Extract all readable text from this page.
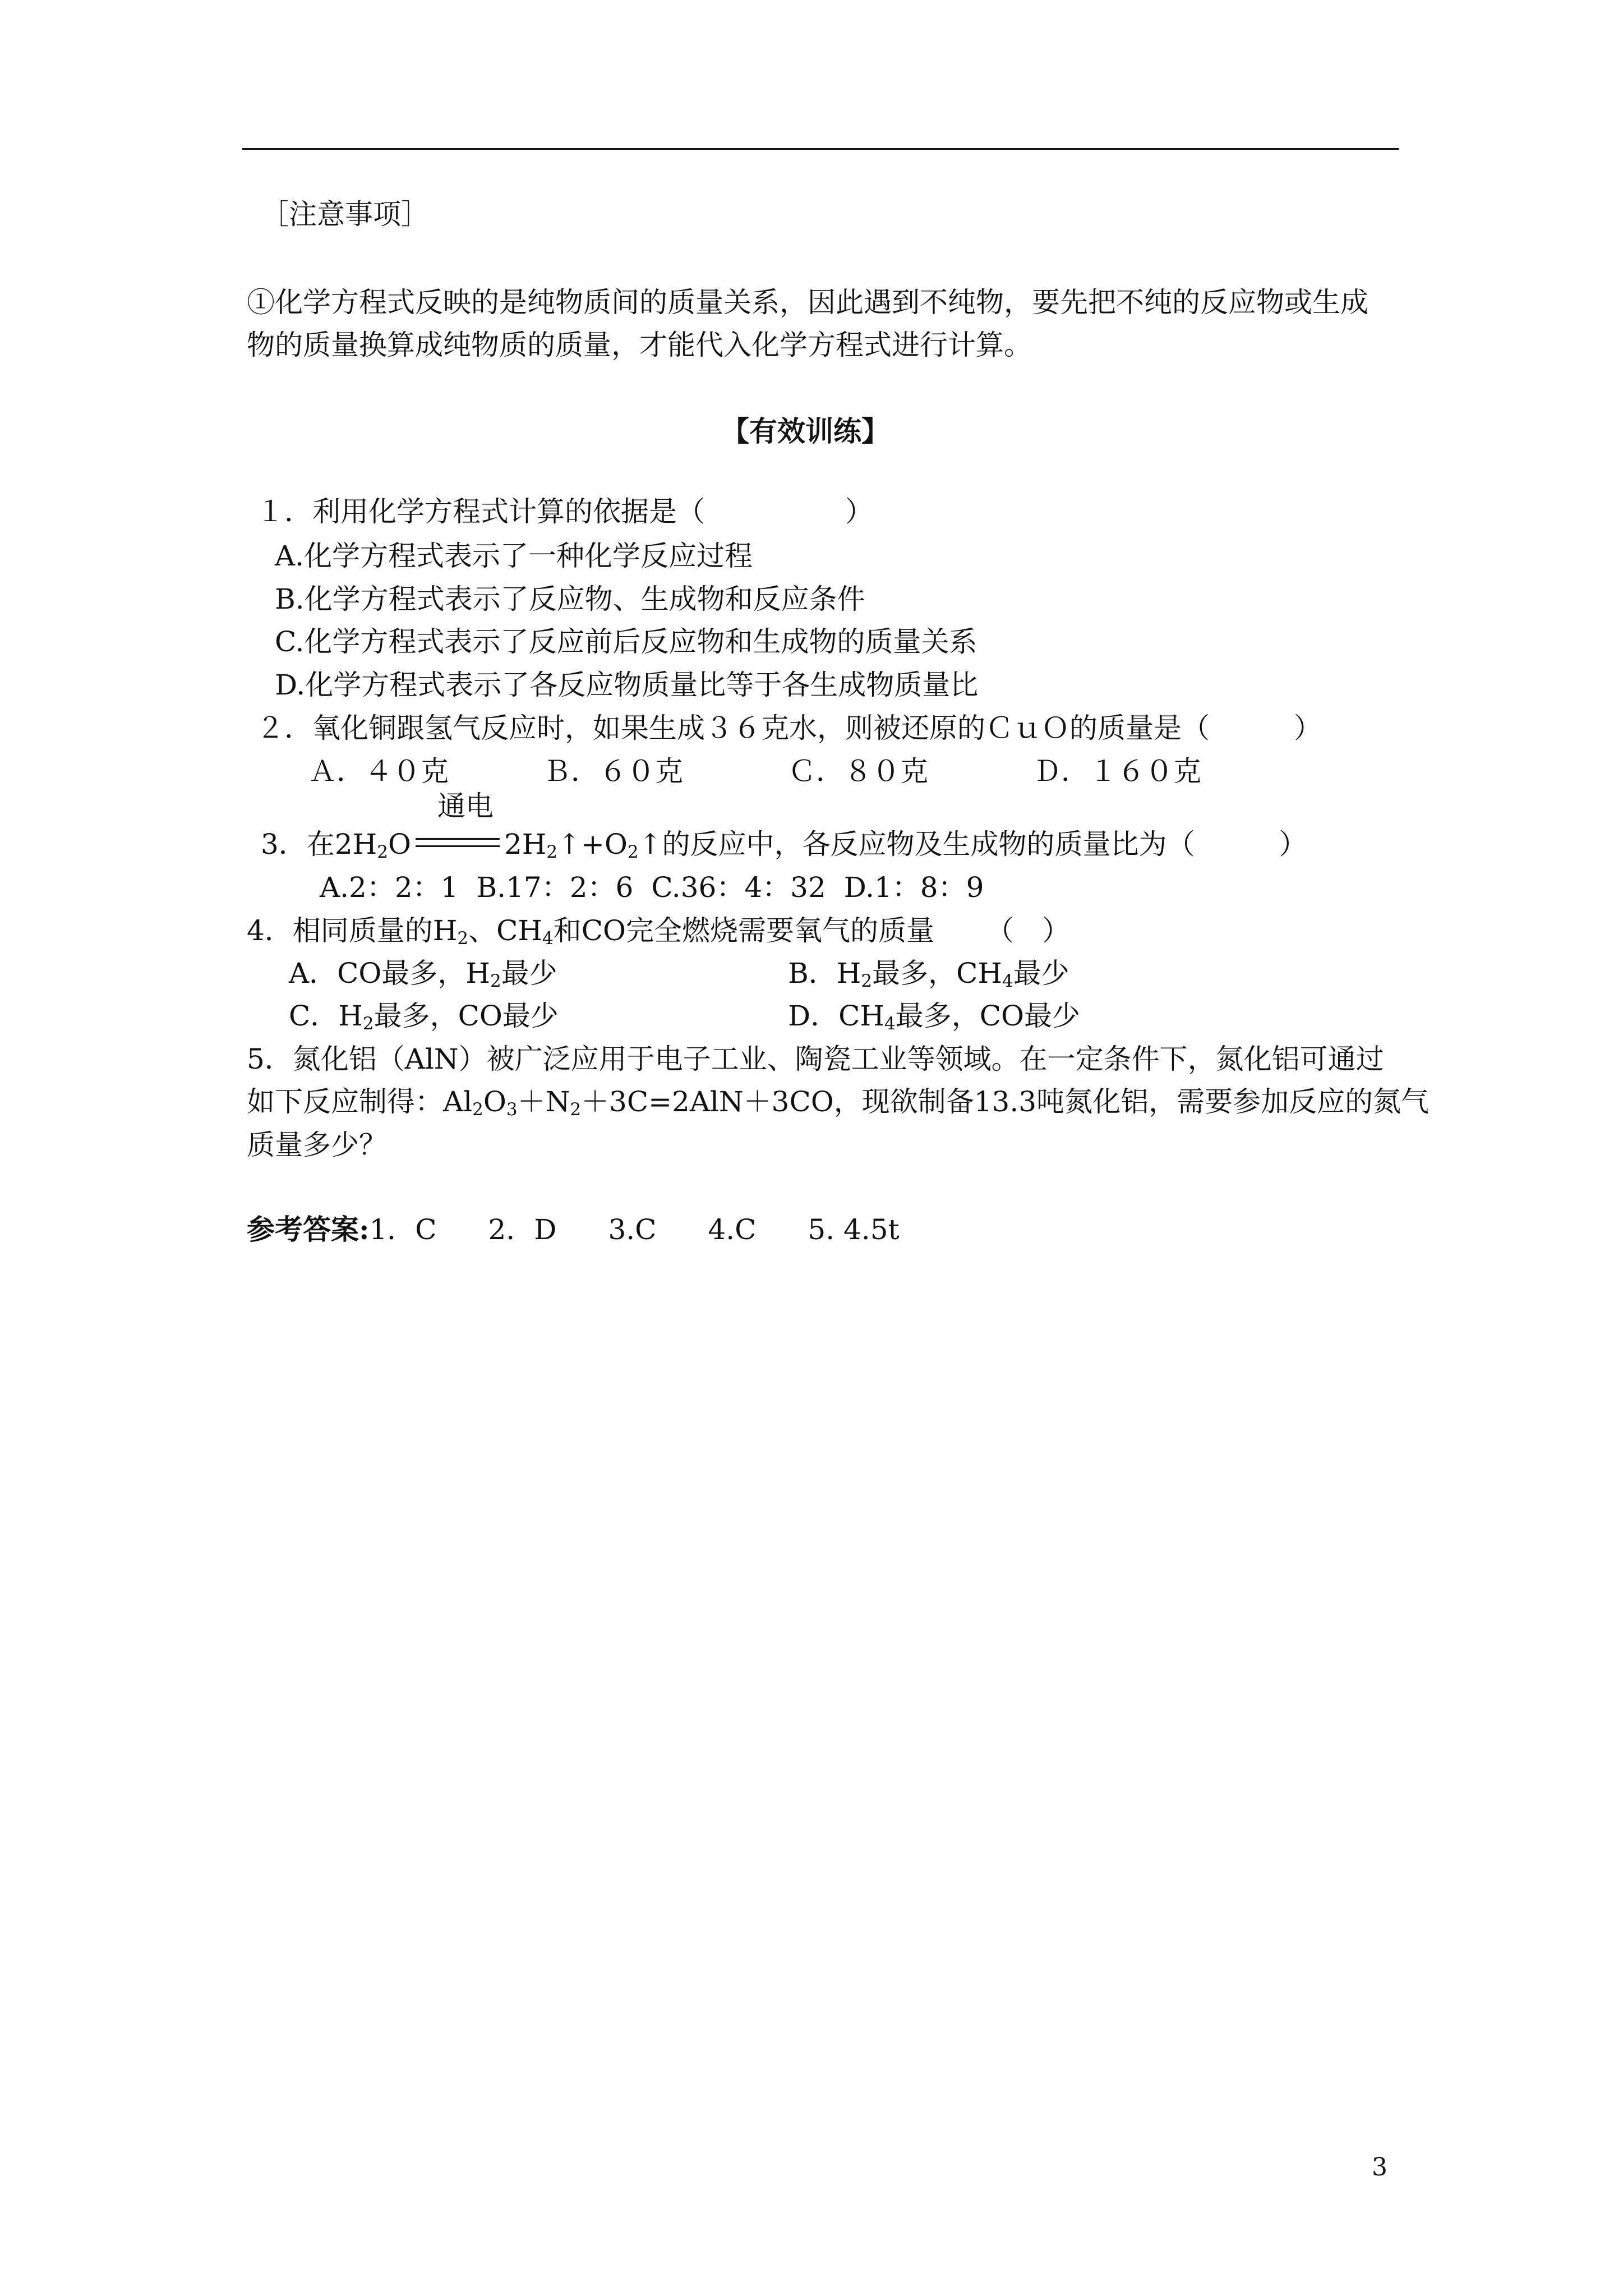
［注意事项］
①化学方程式反映的是纯物质间的质量关系，因此遇到不纯物，要先把不纯的反应物或生成
物的质量换算成纯物质的质量，才能代入化学方程式进行计算。
【有效训练】
１．利用化学方程式计算的依据是（　　　　　）
A.化学方程式表示了一种化学反应过程
B.化学方程式表示了反应物、生成物和反应条件
C.化学方程式表示了反应前后反应物和生成物的质量关系
D.化学方程式表示了各反应物质量比等于各生成物质量比
２．氧化铜跟氢气反应时，如果生成３６克水，则被还原的ＣｕＯ的质量是（　　　）
Ａ．４０克	Ｂ．６０克	Ｃ．８０克	Ｄ．１６０克
通电
3．在$2H_2O$	$2H_2↑+O_2↑$的反应中，各反应物及生成物的质量比为（　　　）
A.2：2：1 B.17：2：6 C.36：4：32 D.1：8：9
4．相同质量的$H_2$、$CH_4$和CO完全燃烧需要氧气的质量 （　）
A．CO最多，$H_2$最少	B．$H_2$最多，$CH_4$最少
C．$H_2$最多，CO最少	D．$CH_4$最多，CO最少
5．氮化铝（AlN）被广泛应用于电子工业、陶瓷工业等领域。在一定条件下，氮化铝可通过
如下反应制得：$Al_2O_3+N_2+3C=2AlN+3CO$，现欲制备13.3吨氮化铝，需要参加反应的氮气
质量多少？
参考答案:1．C 2．D 3.C 4.C 5. 4.5t
3
